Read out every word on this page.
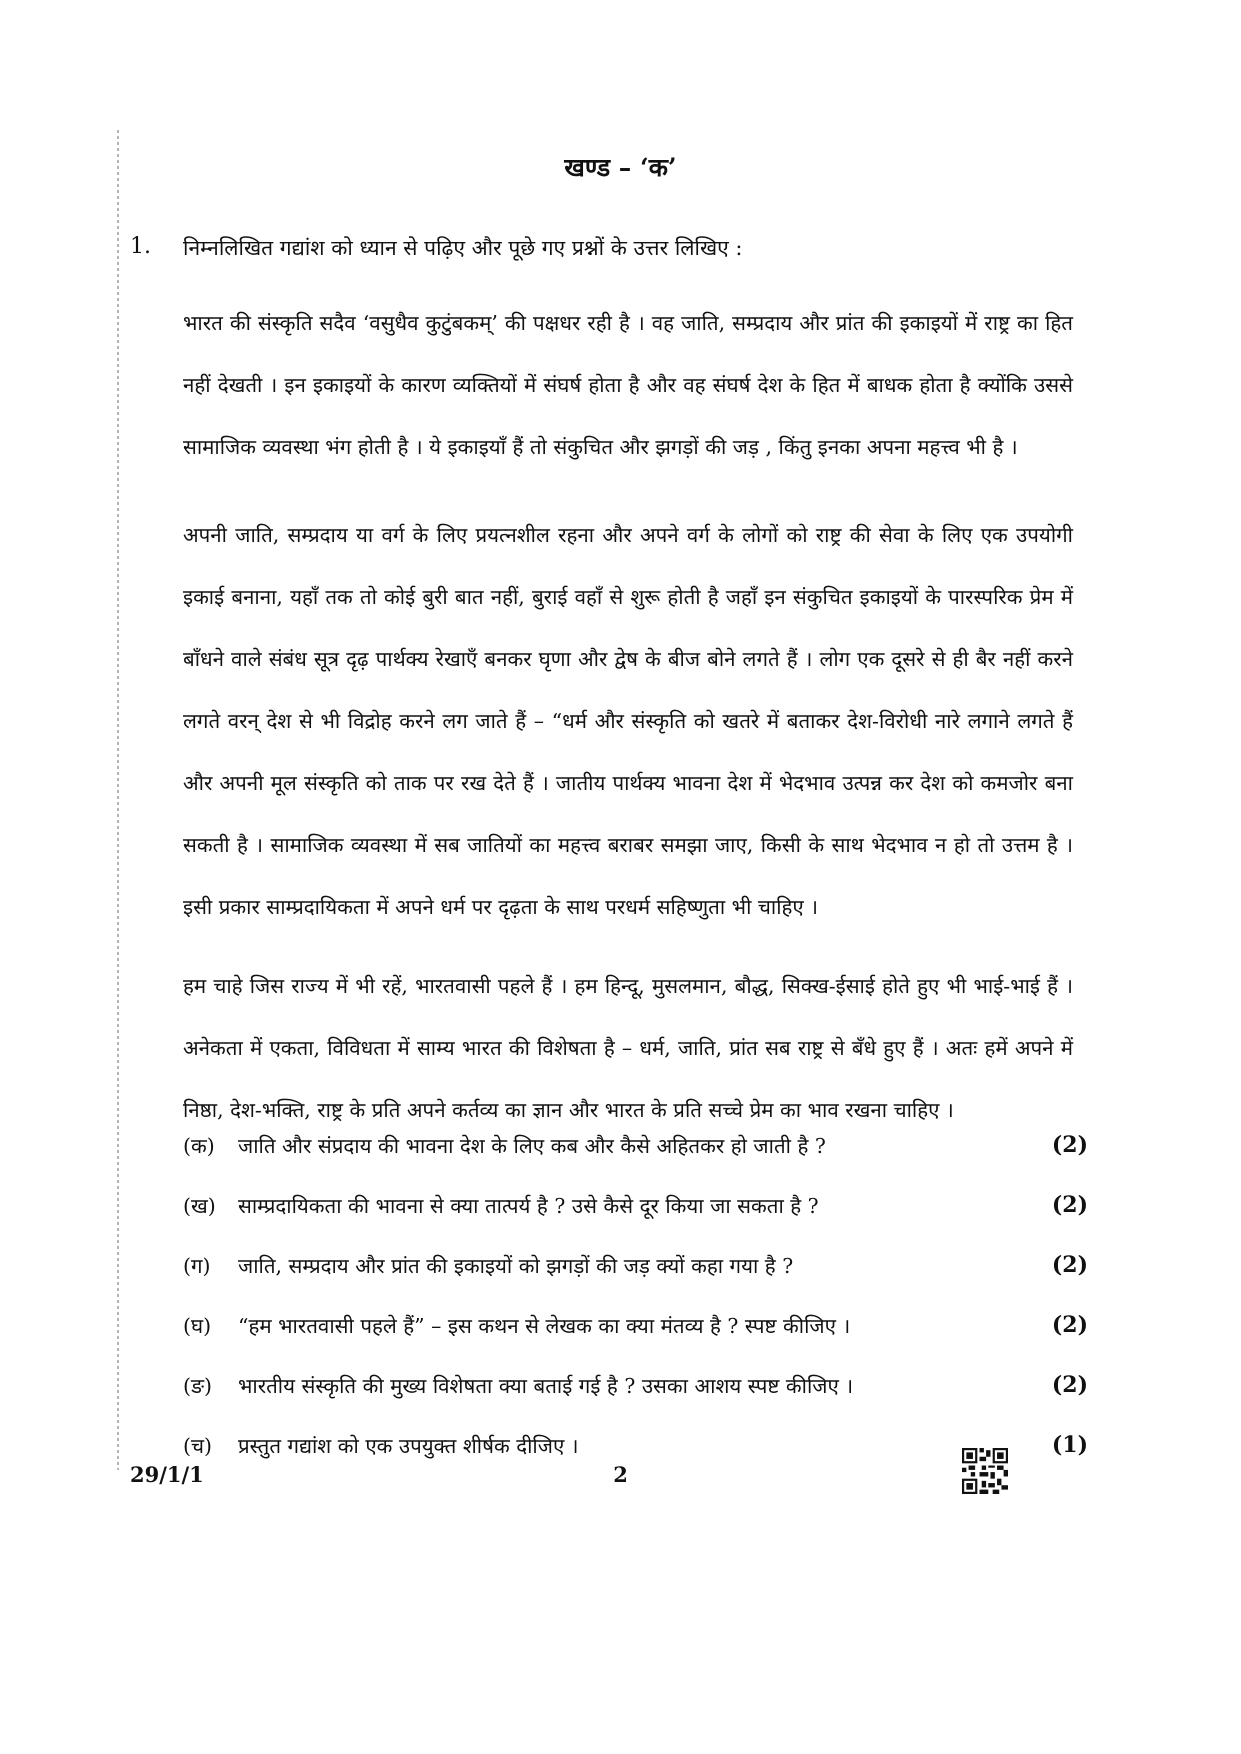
खण्ड – ‘क’
1. निम्नलिखित गद्यांश को ध्यान से पढ़िए और पूछे गए प्रश्नों के उत्तर लिखिए :

भारत की संस्कृति सदैव ‘वसुधैव कुटुंबकम्’ की पक्षधर रही है । वह जाति, सम्प्रदाय और प्रांत की इकाइयों में राष्ट्र का हित नहीं देखती । इन इकाइयों के कारण व्यक्तियों में संघर्ष होता है और वह संघर्ष देश के हित में बाधक होता है क्योंकि उससे सामाजिक व्यवस्था भंग होती है । ये इकाइयाँ हैं तो संकुचित और झगड़ों की जड़ , किंतु इनका अपना महत्त्व भी है ।

अपनी जाति, सम्प्रदाय या वर्ग के लिए प्रयत्नशील रहना और अपने वर्ग के लोगों को राष्ट्र की सेवा के लिए एक उपयोगी इकाई बनाना, यहाँ तक तो कोई बुरी बात नहीं, बुराई वहाँ से शुरू होती है जहाँ इन संकुचित इकाइयों के पारस्परिक प्रेम में बाँधने वाले संबंध सूत्र दृढ़ पार्थक्य रेखाएँ बनकर घृणा और द्वेष के बीज बोने लगते हैं । लोग एक दूसरे से ही बैर नहीं करने लगते वरन् देश से भी विद्रोह करने लग जाते हैं – “धर्म और संस्कृति को खतरे में बताकर देश-विरोधी नारे लगाने लगते हैं और अपनी मूल संस्कृति को ताक पर रख देते हैं । जातीय पार्थक्य भावना देश में भेदभाव उत्पन्न कर देश को कमजोर बना सकती है । सामाजिक व्यवस्था में सब जातियों का महत्त्व बराबर समझा जाए, किसी के साथ भेदभाव न हो तो उत्तम है । इसी प्रकार साम्प्रदायिकता में अपने धर्म पर दृढ़ता के साथ परधर्म सहिष्णुता भी चाहिए ।

हम चाहे जिस राज्य में भी रहें, भारतवासी पहले हैं । हम हिन्दू, मुसलमान, बौद्ध, सिक्ख-ईसाई होते हुए भी भाई-भाई हैं । अनेकता में एकता, विविधता में साम्य भारत की विशेषता है – धर्म, जाति, प्रांत सब राष्ट्र से बँधे हुए हैं । अतः हमें अपने में निष्ठा, देश-भक्ति, राष्ट्र के प्रति अपने कर्तव्य का ज्ञान और भारत के प्रति सच्चे प्रेम का भाव रखना चाहिए ।

(क) जाति और संप्रदाय की भावना देश के लिए कब और कैसे अहितकर हो जाती है ?	(2)
(ख) साम्प्रदायिकता की भावना से क्या तात्पर्य है ? उसे कैसे दूर किया जा सकता है ?	(2)
(ग) जाति, सम्प्रदाय और प्रांत की इकाइयों को झगड़ों की जड़ क्यों कहा गया है ?	(2)
(घ) “हम भारतवासी पहले हैं” – इस कथन से लेखक का क्या मंतव्य है ? स्पष्ट कीजिए ।	(2)
(ङ) भारतीय संस्कृति की मुख्य विशेषता क्या बताई गई है ? उसका आशय स्पष्ट कीजिए ।	(2)
(च) प्रस्तुत गद्यांश को एक उपयुक्त शीर्षक दीजिए ।	(1)
29/1/1	2
